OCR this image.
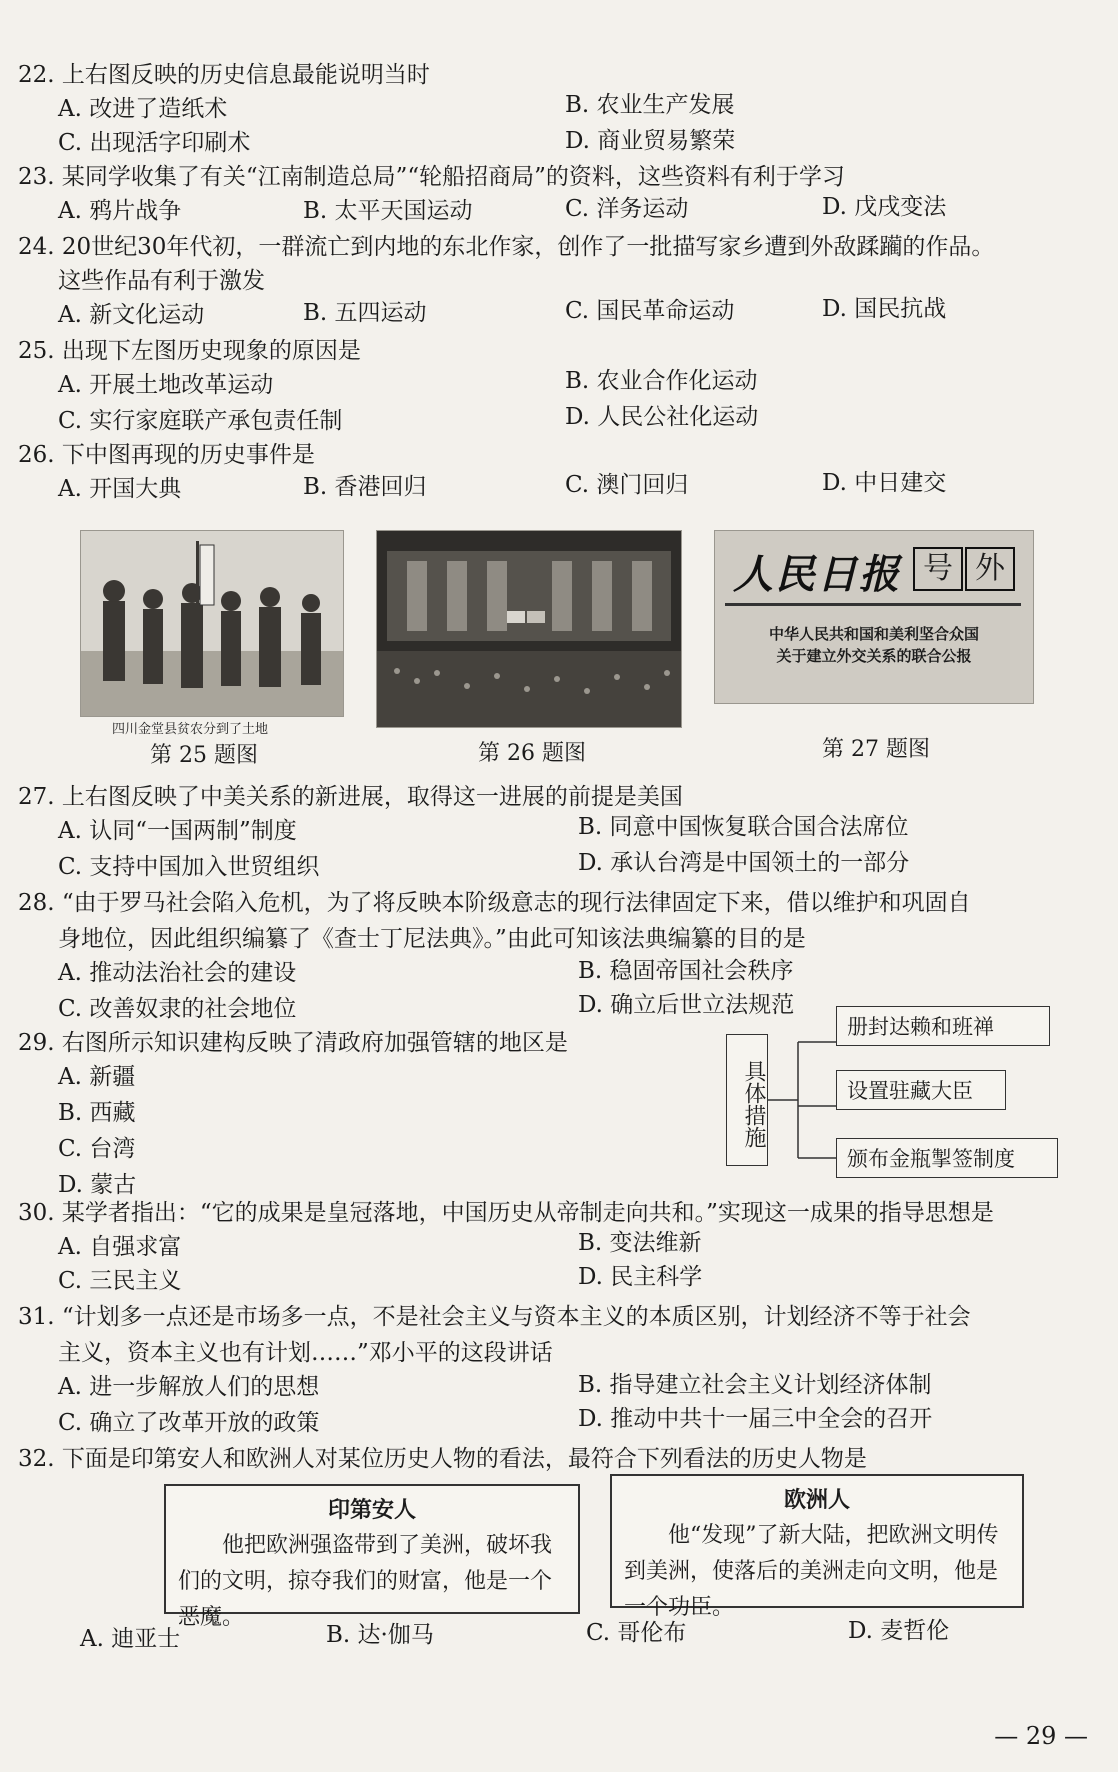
22. 上右图反映的历史信息最能说明当时
A. 改进了造纸术	B. 农业生产发展
C. 出现活字印刷术	D. 商业贸易繁荣
23. 某同学收集了有关“江南制造总局”“轮船招商局”的资料，这些资料有利于学习
A. 鸦片战争	B. 太平天国运动	C. 洋务运动	D. 戊戌变法
24. 20世纪30年代初，一群流亡到内地的东北作家，创作了一批描写家乡遭到外敌蹂躏的作品。
这些作品有利于激发
A. 新文化运动	B. 五四运动	C. 国民革命运动	D. 国民抗战
25. 出现下左图历史现象的原因是
A. 开展土地改革运动	B. 农业合作化运动
C. 实行家庭联产承包责任制	D. 人民公社化运动
26. 下中图再现的历史事件是
A. 开国大典	B. 香港回归	C. 澳门回归	D. 中日建交
四川金堂县贫农分到了土地
第 25 题图	第 26 题图
人民日报 号 外
中华人民共和国和美利坚合众国
关于建立外交关系的联合公报
第 27 题图
27. 上右图反映了中美关系的新进展，取得这一进展的前提是美国
A. 认同“一国两制”制度	B. 同意中国恢复联合国合法席位
C. 支持中国加入世贸组织	D. 承认台湾是中国领土的一部分
28. “由于罗马社会陷入危机，为了将反映本阶级意志的现行法律固定下来，借以维护和巩固自
身地位，因此组织编纂了《查士丁尼法典》。”由此可知该法典编纂的目的是
A. 推动法治社会的建设	B. 稳固帝国社会秩序
C. 改善奴隶的社会地位	D. 确立后世立法规范
29. 右图所示知识建构反映了清政府加强管辖的地区是
A. 新疆
B. 西藏
C. 台湾
D. 蒙古
具体措施
册封达赖和班禅
设置驻藏大臣
颁布金瓶掣签制度
30. 某学者指出：“它的成果是皇冠落地，中国历史从帝制走向共和。”实现这一成果的指导思想是
A. 自强求富	B. 变法维新
C. 三民主义	D. 民主科学
31. “计划多一点还是市场多一点，不是社会主义与资本主义的本质区别，计划经济不等于社会
主义，资本主义也有计划……”邓小平的这段讲话
A. 进一步解放人们的思想	B. 指导建立社会主义计划经济体制
C. 确立了改革开放的政策	D. 推动中共十一届三中全会的召开
32. 下面是印第安人和欧洲人对某位历史人物的看法，最符合下列看法的历史人物是
印第安人
他把欧洲强盗带到了美洲，破坏我们的文明，掠夺我们的财富，他是一个恶魔。
欧洲人
他“发现”了新大陆，把欧洲文明传到美洲，使落后的美洲走向文明，他是一个功臣。
A. 迪亚士	B. 达·伽马	C. 哥伦布	D. 麦哲伦
— 29 —
